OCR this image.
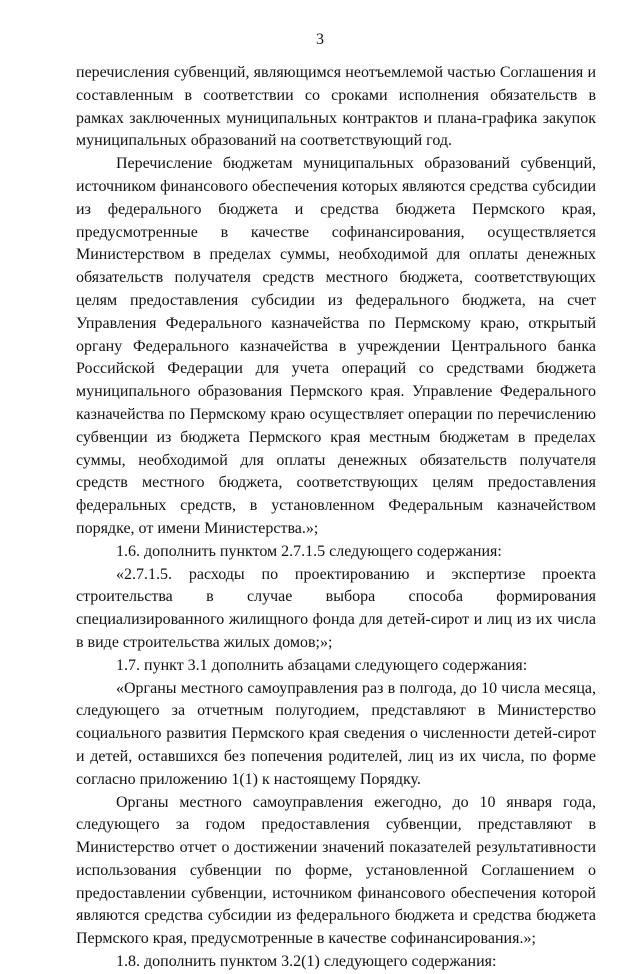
3

перечисления субвенций, являющимся неотъемлемой частью Соглашения и составленным в соответствии со сроками исполнения обязательств в рамках заключенных муниципальных контрактов и плана-графика закупок муниципальных образований на соответствующий год.

Перечисление бюджетам муниципальных образований субвенций, источником финансового обеспечения которых являются средства субсидии из федерального бюджета и средства бюджета Пермского края, предусмотренные в качестве софинансирования, осуществляется Министерством в пределах суммы, необходимой для оплаты денежных обязательств получателя средств местного бюджета, соответствующих целям предоставления субсидии из федерального бюджета, на счет Управления Федерального казначейства по Пермскому краю, открытый органу Федерального казначейства в учреждении Центрального банка Российской Федерации для учета операций со средствами бюджета муниципального образования Пермского края. Управление Федерального казначейства по Пермскому краю осуществляет операции по перечислению субвенции из бюджета Пермского края местным бюджетам в пределах суммы, необходимой для оплаты денежных обязательств получателя средств местного бюджета, соответствующих целям предоставления федеральных средств, в установленном Федеральным казначейством порядке, от имени Министерства.»;

1.6. дополнить пунктом 2.7.1.5 следующего содержания:

«2.7.1.5. расходы по проектированию и экспертизе проекта строительства в случае выбора способа формирования специализированного жилищного фонда для детей-сирот и лиц из их числа в виде строительства жилых домов;»;

1.7. пункт 3.1 дополнить абзацами следующего содержания:

«Органы местного самоуправления раз в полгода, до 10 числа месяца, следующего за отчетным полугодием, представляют в Министерство социального развития Пермского края сведения о численности детей-сирот и детей, оставшихся без попечения родителей, лиц из их числа, по форме согласно приложению 1(1) к настоящему Порядку.

Органы местного самоуправления ежегодно, до 10 января года, следующего за годом предоставления субвенции, представляют в Министерство отчет о достижении значений показателей результативности использования субвенции по форме, установленной Соглашением о предоставлении субвенции, источником финансового обеспечения которой являются средства субсидии из федерального бюджета и средства бюджета Пермского края, предусмотренные в качестве софинансирования.»;

1.8. дополнить пунктом 3.2(1) следующего содержания:
